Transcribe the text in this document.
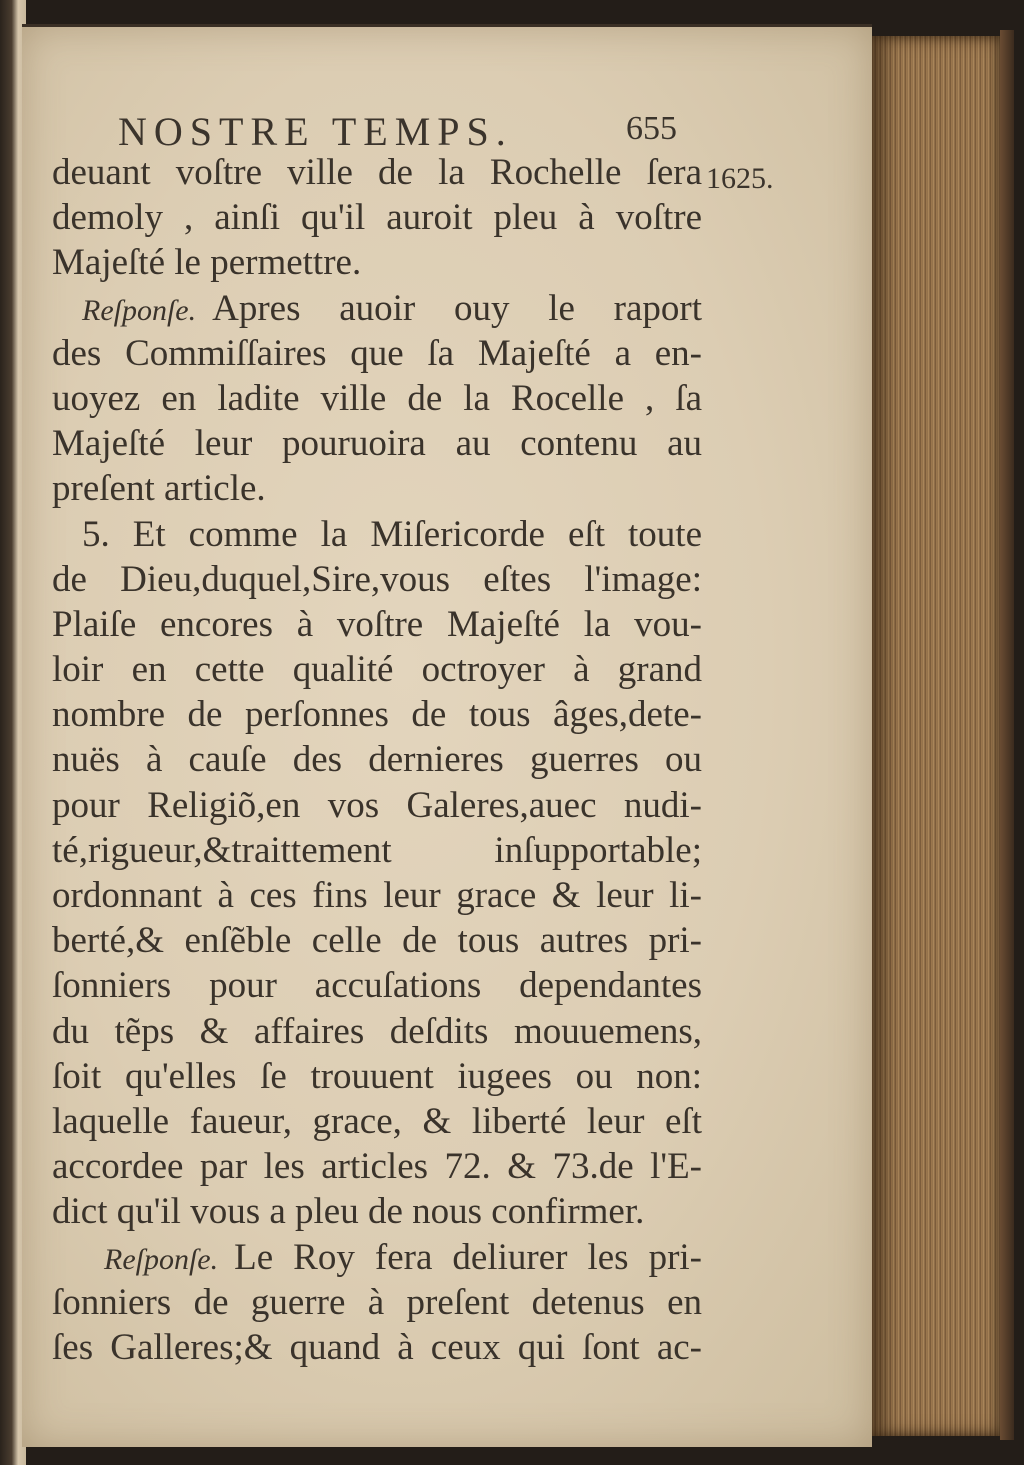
NOSTRE TEMPS.	655
1625.
deuant voſtre ville de la Rochelle ſera
demoly , ainſi qu'il auroit pleu à voſtre
Majeſté le permettre.
Reſponſe. Apres auoir ouy le raport
des Commiſſaires que ſa Majeſté a en-
uoyez en ladite ville de la Rocelle , ſa
Majeſté leur pouruoira au contenu au
preſent article.
5. Et comme la Miſericorde eſt toute
de Dieu,duquel,Sire,vous eſtes l'image:
Plaiſe encores à voſtre Majeſté la vou-
loir en cette qualité octroyer à grand
nombre de perſonnes de tous âges,dete-
nuës à cauſe des dernieres guerres ou
pour Religiõ,en vos Galeres,auec nudi-
té,rigueur,&traittement inſupportable;
ordonnant à ces fins leur grace & leur li-
berté,& enſẽble celle de tous autres pri-
ſonniers pour accuſations dependantes
du tẽps & affaires deſdits mouuemens,
ſoit qu'elles ſe trouuent iugees ou non:
laquelle faueur, grace, & liberté leur eſt
accordee par les articles 72. & 73.de l'E-
dict qu'il vous a pleu de nous confirmer.
Reſponſe. Le Roy fera deliurer les pri-
ſonniers de guerre à preſent detenus en
ſes Galleres;& quand à ceux qui ſont ac-
